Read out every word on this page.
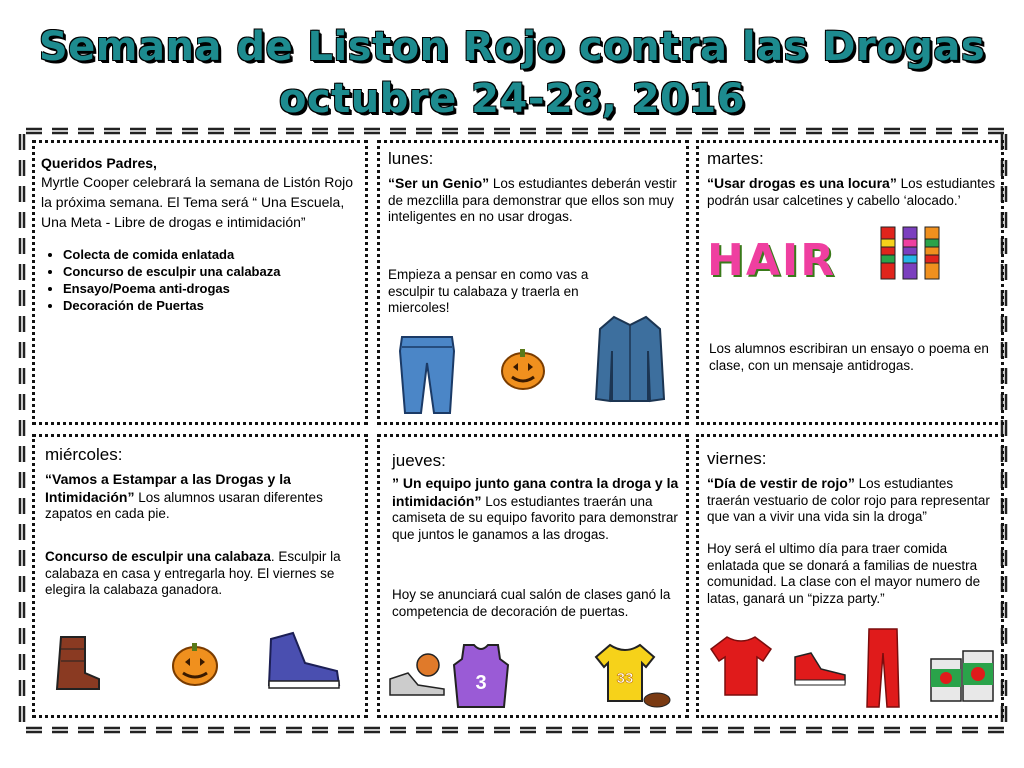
Semana de Liston Rojo contra las Drogas
octubre 24-28, 2016
Queridos Padres,
Myrtle Cooper celebrará la semana de Listón Rojo la próxima semana. El Tema será “ Una Escuela, Una Meta - Libre de drogas e intimidación”
• Colecta de comida enlatada
• Concurso de esculpir una calabaza
• Ensayo/Poema anti-drogas
• Decoración de Puertas
lunes:
“Ser un Genio” Los estudiantes deberán vestir de mezclilla para demonstrar que ellos son muy inteligentes en no usar drogas.
Empieza a pensar en como vas a esculpir tu calabaza y traerla en miercoles!
martes:
“Usar drogas es una locura” Los estudiantes podrán usar calcetines y cabello ‘alocado.’
HAIR
Los alumnos escribiran un ensayo o poema en clase, con un mensaje antidrogas.
miércoles:
“Vamos a Estampar a las Drogas y la Intimidación” Los alumnos usaran diferentes zapatos en cada pie.
Concurso de esculpir una calabaza. Esculpir la calabaza en casa y entregarla hoy. El viernes se elegira la calabaza ganadora.
jueves:
” Un equipo junto gana contra la droga y la intimidación” Los estudiantes traerán una camiseta de su equipo favorito para demonstrar que juntos le ganamos a las drogas.
Hoy se anunciará cual salón de clases ganó la competencia de decoración de puertas.
3	33
viernes:
“Día de vestir de rojo” Los estudiantes traerán vestuario de color rojo para representar que van a vivir una vida sin la droga”
Hoy será el ultimo día para traer comida enlatada que se donará a familias de nuestra comunidad. La clase con el mayor numero de latas, ganará un “pizza party.”
